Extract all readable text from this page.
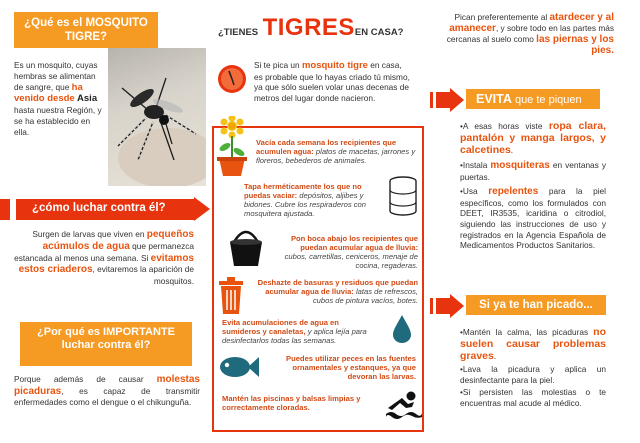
¿Qué es el MOSQUITO TIGRE?
Es un mosquito, cuyas hembras se alimentan de sangre, que ha venido desde Asia hasta nuestra Región, y se ha establecido en ella.
¿cómo luchar contra él?
Surgen de larvas que viven en pequeños acúmulos de agua que permanezca estancada al menos una semana. Si evitamos estos criaderos, evitaremos la aparición de mosquitos.
¿Por qué es IMPORTANTE luchar contra él?
Porque además de causar molestas picaduras, es capaz de transmitir enfermedades como el dengue o el chikunguña.
¿TIENES TIGRESEN CASA?
Si te pica un mosquito tigre en casa, es probable que lo hayas criado tú mismo, ya que sólo suelen volar unas decenas de metros del lugar donde nacieron.
Vacía cada semana los recipientes que acumulen agua: platos de macetas, jarrones y floreros, bebederos de animales.
Tapa herméticamente los que no puedas vaciar: depósitos, aljibes y bidones. Cubre los respiraderos con mosquitera ajustada.
Pon boca abajo los recipientes que puedan acumular agua de lluvia: cubos, carretillas, ceniceros, menaje de cocina, regaderas.
Deshazte de basuras y residuos que puedan acumular agua de lluvia: latas de refrescos, cubos de pintura vacíos, botes.
Evita acumulaciones de agua en sumideros y canaletas, y aplica lejía para desinfectarlos todas las semanas.
Puedes utilizar peces en las fuentes ornamentales y estanques, ya que devoran las larvas.
Mantén las piscinas y balsas limpias y correctamente cloradas.
Pican preferentemente al atardecer y al amanecer, y sobre todo en las partes más cercanas al suelo como las piernas y los pies.
EVITA que te piquen
•A esas horas viste ropa clara, pantalón y manga largos, y calcetines.
•Instala mosquiteras en ventanas y puertas.
•Usa repelentes para la piel específicos, como los formulados con DEET, IR3535, icaridina o citrodiol, siguiendo las instrucciones de uso y registrados en la Agencia Española de Medicamentos Productos Sanitarios.
Si ya te han picado...
•Mantén la calma, las picaduras no suelen causar problemas graves.
•Lava la picadura y aplica un desinfectante para la piel.
•Si persisten las molestias o te encuentras mal acude al médico.
